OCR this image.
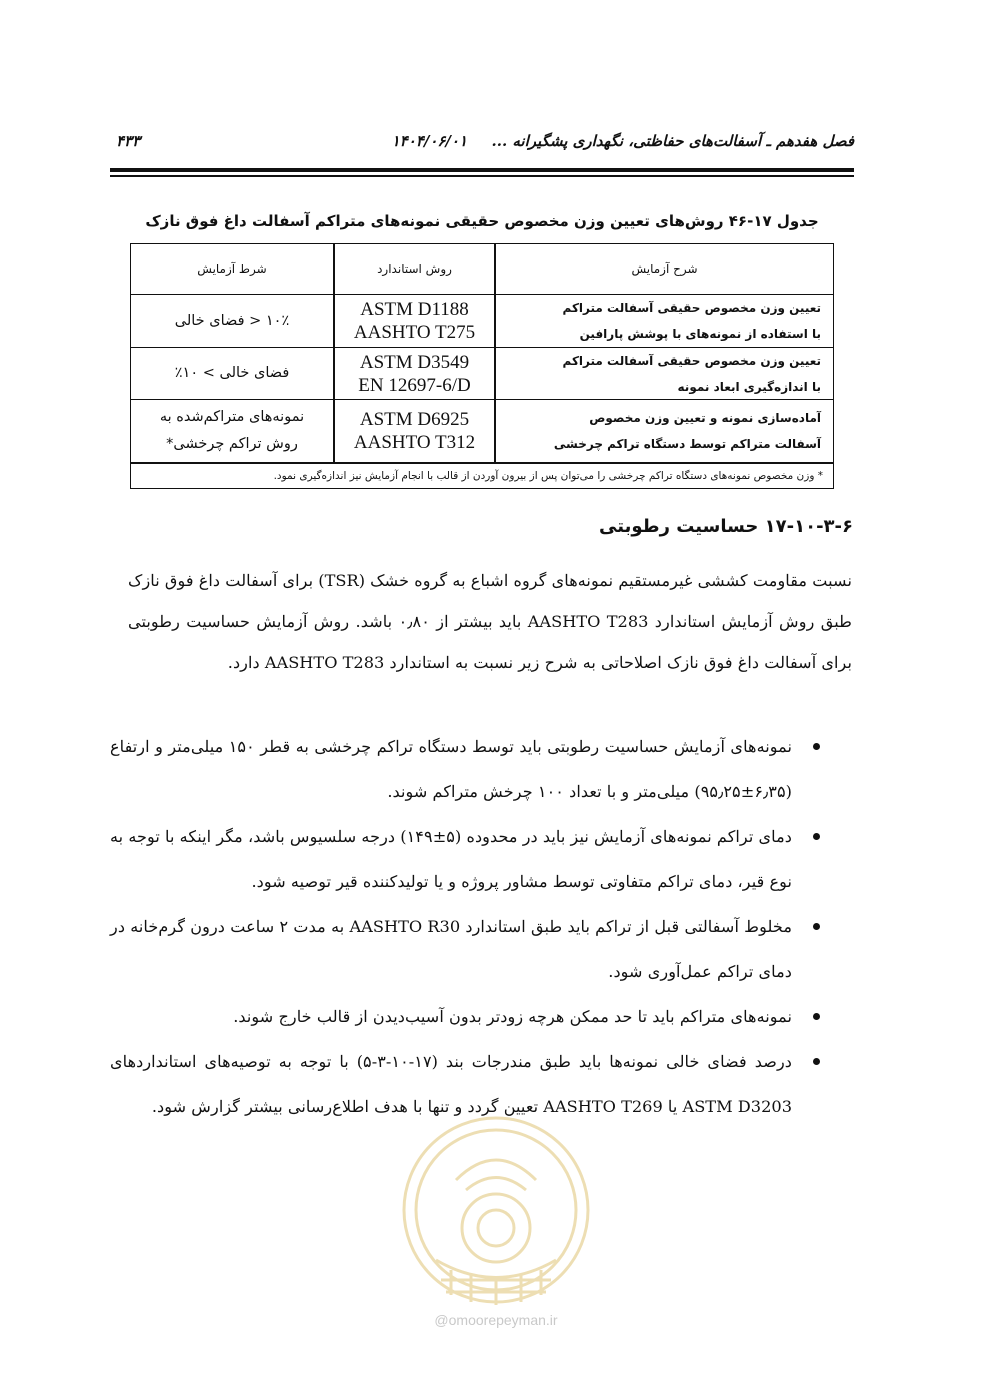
فصل هفدهم ـ آسفالت‌های حفاظتی، نگهداری پشگیرانه ...  ۱۴۰۴/۰۶/۰۱
۴۳۳
جدول ۱۷-۴۶ روش‌های تعیین وزن مخصوص حقیقی نمونه‌های متراکم آسفالت داغ فوق نازک
شرح آزمایش
روش استاندارد
شرط آزمایش
تعیین وزن مخصوص حقیقی آسفالت متراکم
با استفاده از نمونه‌های با پوشش پارافین
ASTM D1188
AASHTO T275
۱۰٪ < فضای خالی
تعیین وزن مخصوص حقیقی آسفالت متراکم
با اندازه‌گیری ابعاد نمونه
ASTM D3549
EN 12697-6/D
فضای خالی > ۱۰٪
آماده‌سازی نمونه و تعیین وزن مخصوص
آسفالت متراکم توسط دستگاه تراکم چرخشی
ASTM D6925
AASHTO T312
نمونه‌های متراکم‌شده به
روش تراکم چرخشی*
* وزن مخصوص نمونه‌های دستگاه تراکم چرخشی را می‌توان پس از بیرون آوردن از قالب با انجام آزمایش نیز اندازه‌گیری نمود.
۱۷-۱۰-۳-۶ حساسیت رطوبتی

نسبت مقاومت کششی غیرمستقیم نمونه‌های گروه اشباع به گروه خشک (TSR) برای آسفالت داغ فوق نازک طبق روش آزمایش استاندارد AASHTO T283 باید بیشتر از ۰٫۸۰ باشد. روش آزمایش حساسیت رطوبتی برای آسفالت داغ فوق نازک اصلاحاتی به شرح زیر نسبت به استاندارد AASHTO T283 دارد.

نمونه‌های آزمایش حساسیت رطوبتی باید توسط دستگاه تراکم چرخشی به قطر ۱۵۰ میلی‌متر و ارتفاع (۶٫۳۵±۹۵٫۲۵) میلی‌متر و با تعداد ۱۰۰ چرخش متراکم شوند.
دمای تراکم نمونه‌های آزمایش نیز باید در محدوده (۵±۱۴۹) درجه سلسیوس باشد، مگر اینکه با توجه به نوع قیر، دمای تراکم متفاوتی توسط مشاور پروژه و یا تولیدکننده قیر توصیه شود.
مخلوط آسفالتی قبل از تراکم باید طبق استاندارد AASHTO R30 به مدت ۲ ساعت درون گرم‌خانه در دمای تراکم عمل‌آوری شود.
نمونه‌های متراکم باید تا حد ممکن هرچه زودتر بدون آسیب‌دیدن از قالب خارج شوند.
درصد فضای خالی نمونه‌ها باید طبق مندرجات بند (۱۷-۱۰-۳-۵) با توجه به توصیه‌های استانداردهای ASTM D3203 یا AASHTO T269 تعیین گردد و تنها با هدف اطلاع‌رسانی بیشتر گزارش شود.
@omoorepeyman.ir
